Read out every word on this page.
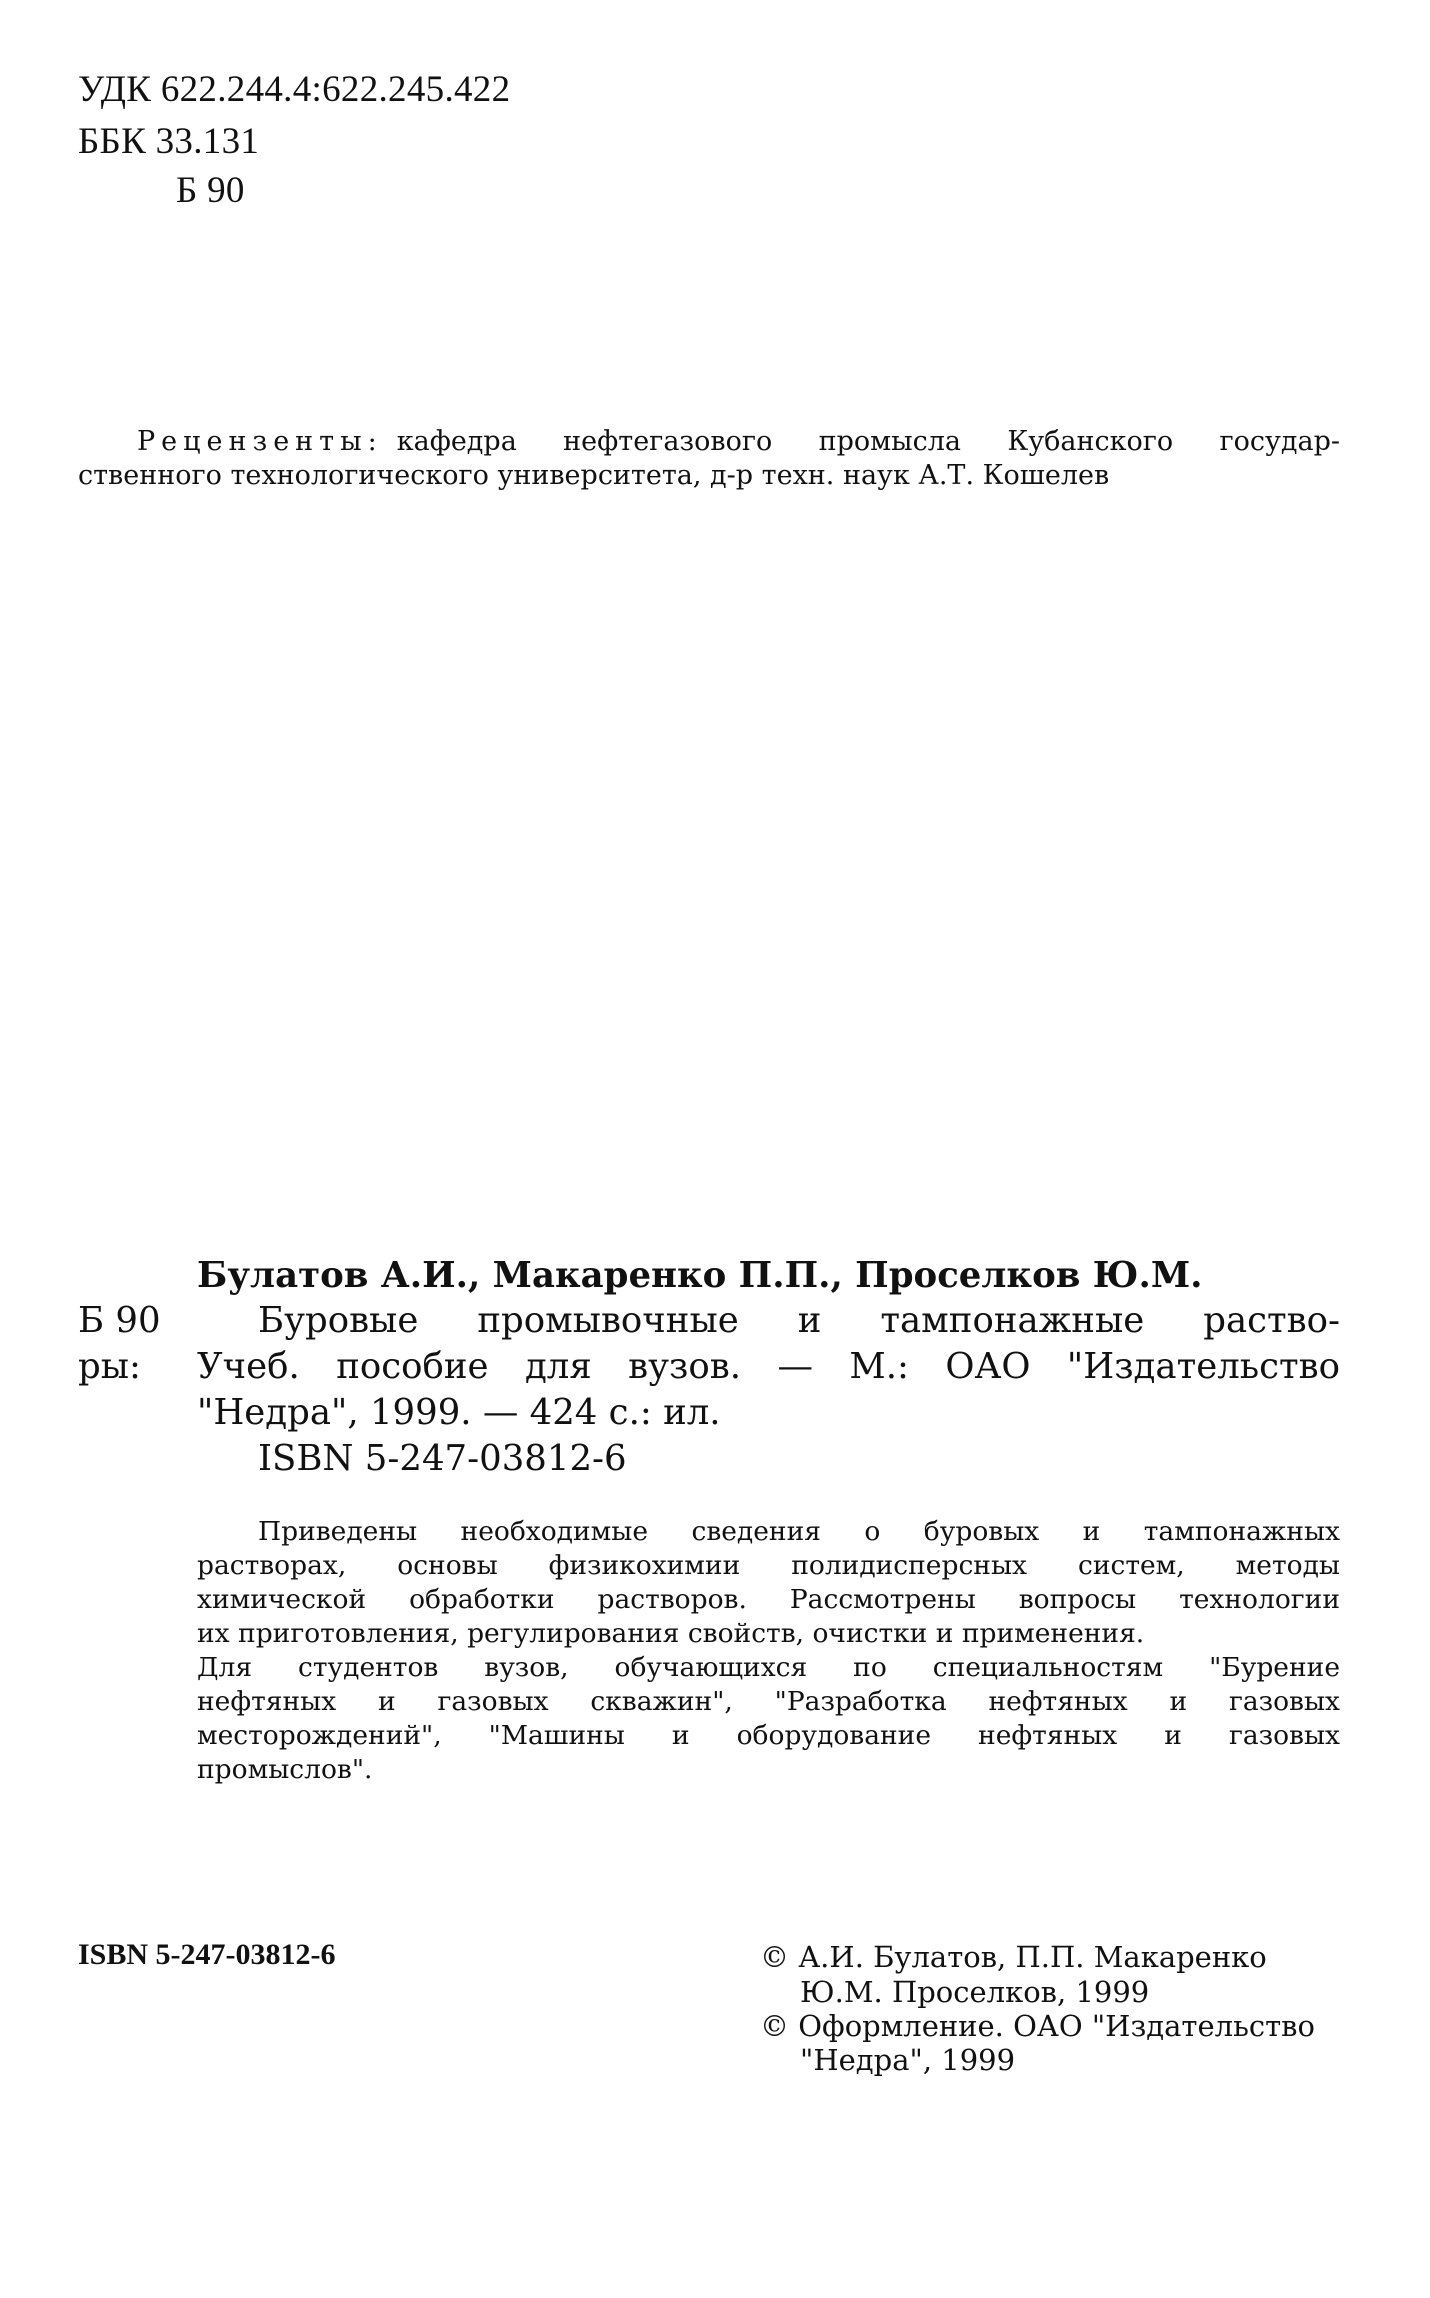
УДК 622.244.4:622.245.422
ББК 33.131
Б 90
Рецензенты: кафедра нефтегазового промысла Кубанского государ-
ственного технологического университета, д-р техн. наук А.Т. Кошелев
Булатов А.И., Макаренко П.П., Проселков Ю.М.
Б 90	Буровые промывочные и тампонажные раство-
ры: Учеб. пособие для вузов. — М.: ОАО "Издательство
"Недра", 1999. — 424 с.: ил.
ISBN 5-247-03812-6
Приведены необходимые сведения о буровых и тампонажных
растворах, основы физикохимии полидисперсных систем, методы
химической обработки растворов. Рассмотрены вопросы технологии
их приготовления, регулирования свойств, очистки и применения.
Для студентов вузов, обучающихся по специальностям "Бурение
нефтяных и газовых скважин", "Разработка нефтяных и газовых
месторождений", "Машины и оборудование нефтяных и газовых
промыслов".
ISBN 5-247-03812-6	© А.И. Булатов, П.П. Макаренко
Ю.М. Проселков, 1999
© Оформление. ОАО "Издательство
"Недра", 1999
